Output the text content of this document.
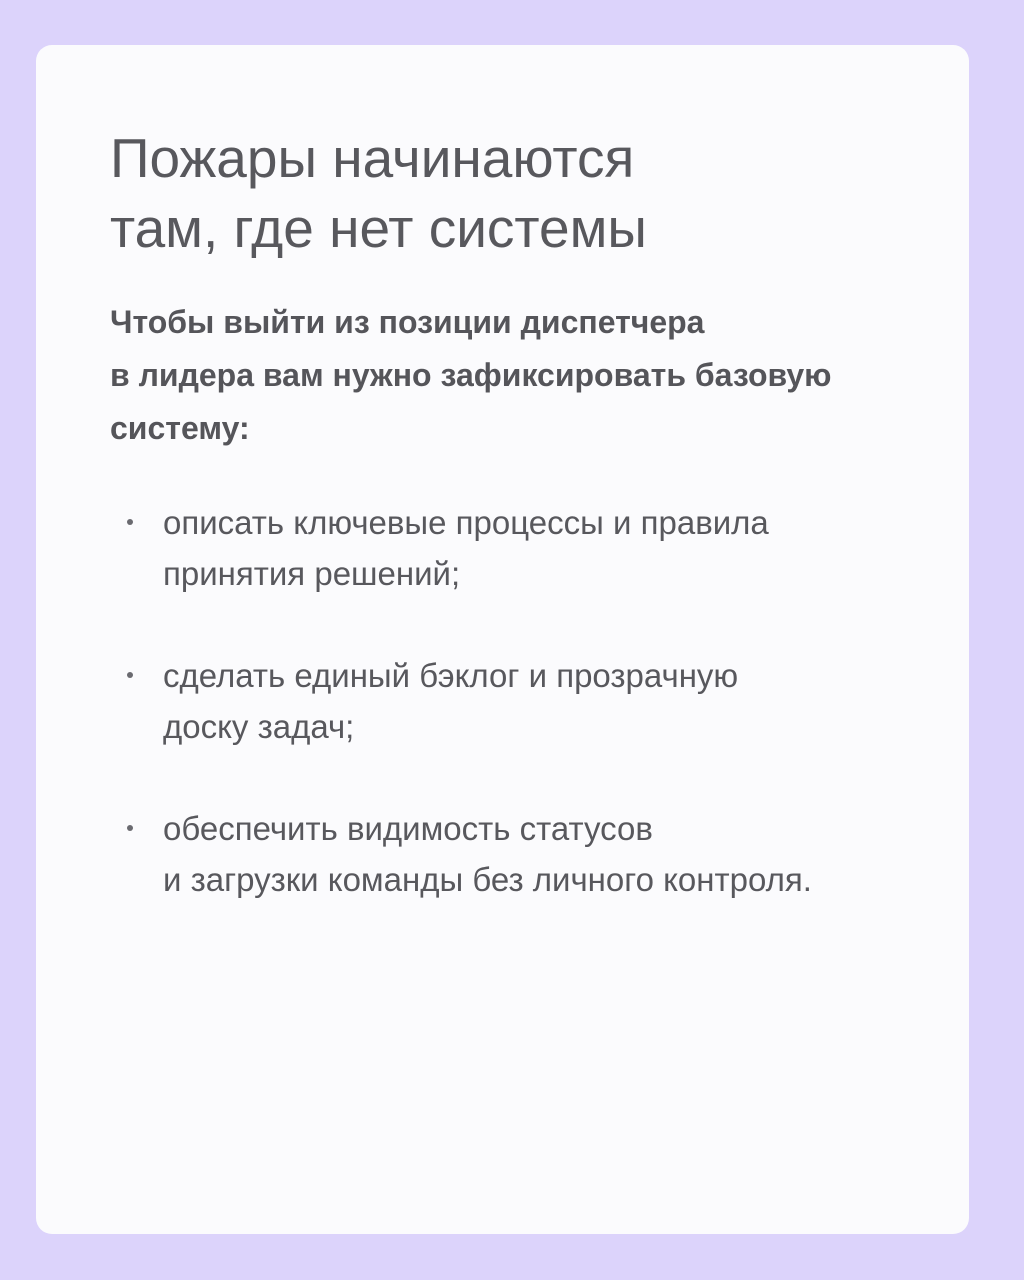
Пожары начинаются
там, где нет системы

Чтобы выйти из позиции диспетчера
в лидера вам нужно зафиксировать базовую
систему:

описать ключевые процессы и правила
принятия решений;
сделать единый бэклог и прозрачную
доску задач;
обеспечить видимость статусов
и загрузки команды без личного контроля.
